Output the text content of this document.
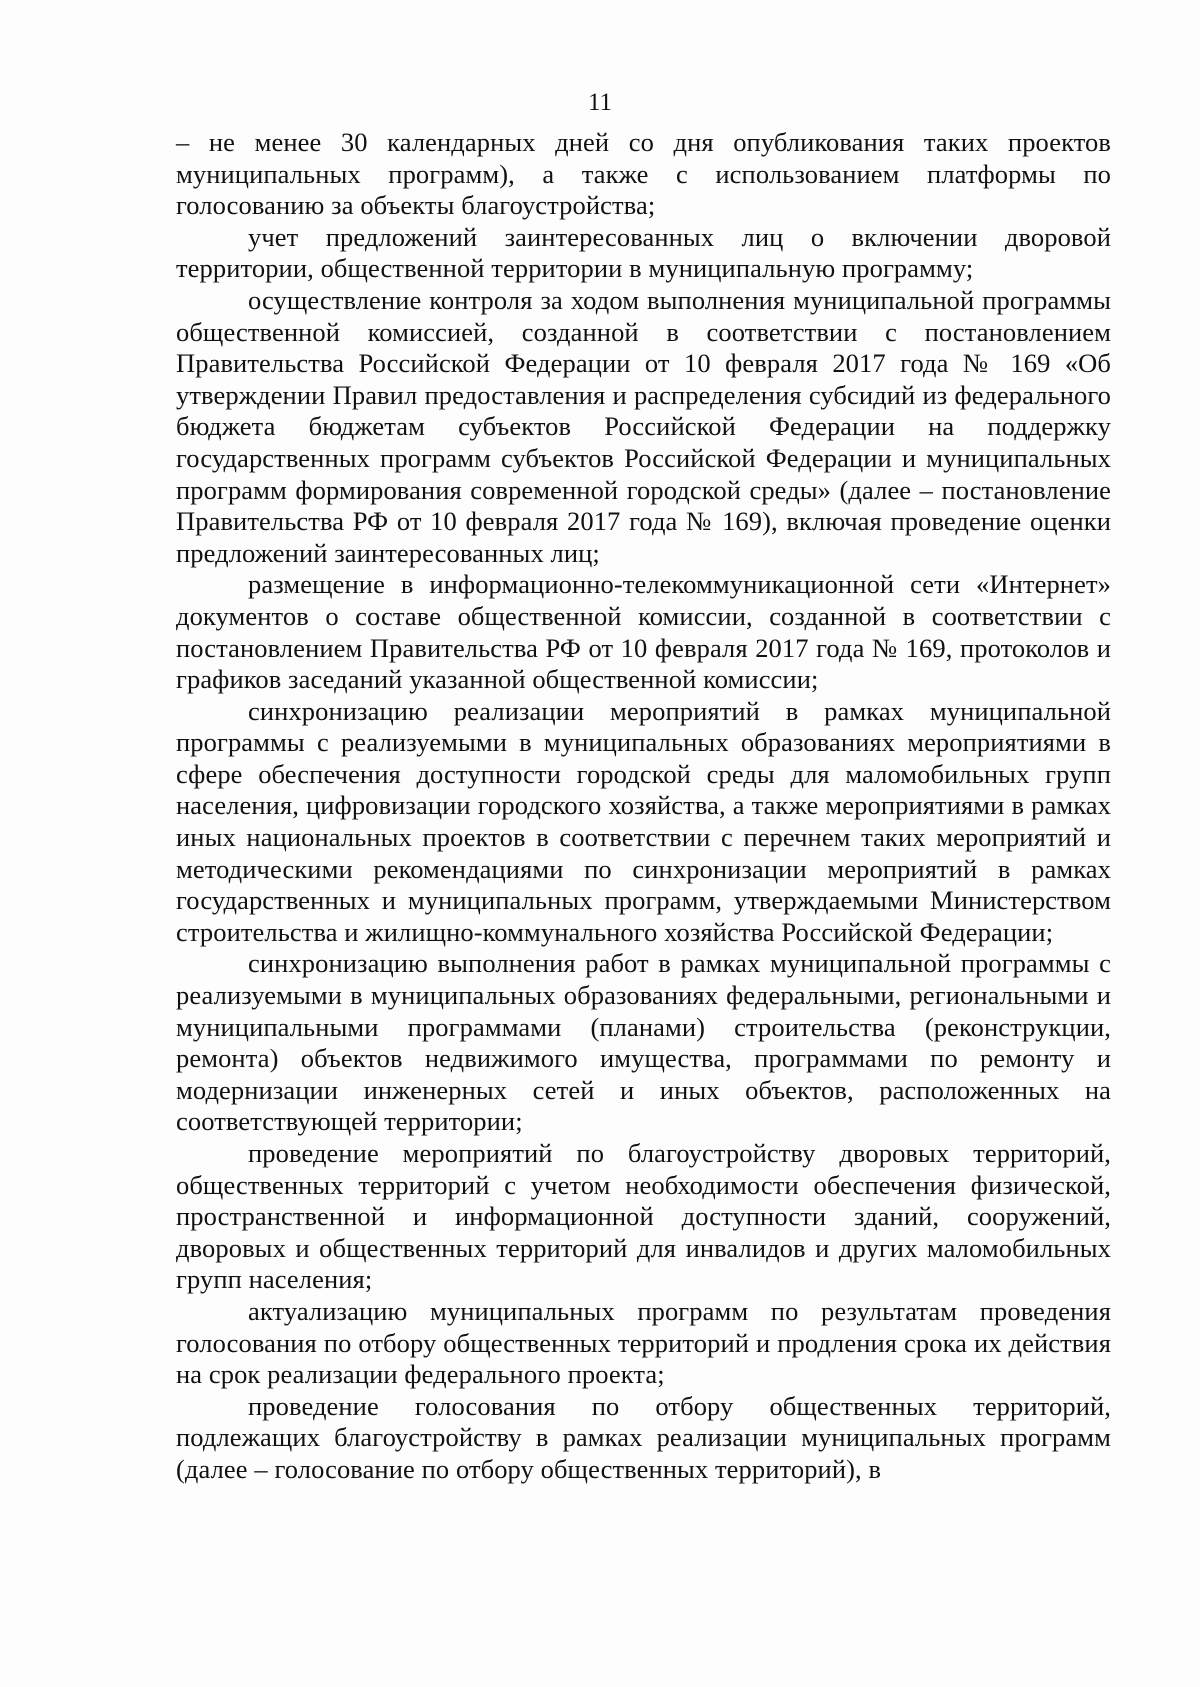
11

– не менее 30 календарных дней со дня опубликования таких проектов муниципальных программ), а также с использованием платформы по голосованию за объекты благоустройства;

учет предложений заинтересованных лиц о включении дворовой территории, общественной территории в муниципальную программу;

осуществление контроля за ходом выполнения муниципальной программы общественной комиссией, созданной в соответствии с постановлением Правительства Российской Федерации от 10 февраля 2017 года № 169 «Об утверждении Правил предоставления и распределения субсидий из федерального бюджета бюджетам субъектов Российской Федерации на поддержку государственных программ субъектов Российской Федерации и муниципальных программ формирования современной городской среды» (далее – постановление Правительства РФ от 10 февраля 2017 года № 169), включая проведение оценки предложений заинтересованных лиц;

размещение в информационно-телекоммуникационной сети «Интернет» документов о составе общественной комиссии, созданной в соответствии с постановлением Правительства РФ от 10 февраля 2017 года № 169, протоколов и графиков заседаний указанной общественной комиссии;

синхронизацию реализации мероприятий в рамках муниципальной программы с реализуемыми в муниципальных образованиях мероприятиями в сфере обеспечения доступности городской среды для маломобильных групп населения, цифровизации городского хозяйства, а также мероприятиями в рамках иных национальных проектов в соответствии с перечнем таких мероприятий и методическими рекомендациями по синхронизации мероприятий в рамках государственных и муниципальных программ, утверждаемыми Министерством строительства и жилищно-коммунального хозяйства Российской Федерации;

синхронизацию выполнения работ в рамках муниципальной программы с реализуемыми в муниципальных образованиях федеральными, региональными и муниципальными программами (планами) строительства (реконструкции, ремонта) объектов недвижимого имущества, программами по ремонту и модернизации инженерных сетей и иных объектов, расположенных на соответствующей территории;

проведение мероприятий по благоустройству дворовых территорий, общественных территорий с учетом необходимости обеспечения физической, пространственной и информационной доступности зданий, сооружений, дворовых и общественных территорий для инвалидов и других маломобильных групп населения;

актуализацию муниципальных программ по результатам проведения голосования по отбору общественных территорий и продления срока их действия на срок реализации федерального проекта;

проведение голосования по отбору общественных территорий, подлежащих благоустройству в рамках реализации муниципальных программ (далее – голосование по отбору общественных территорий), в
